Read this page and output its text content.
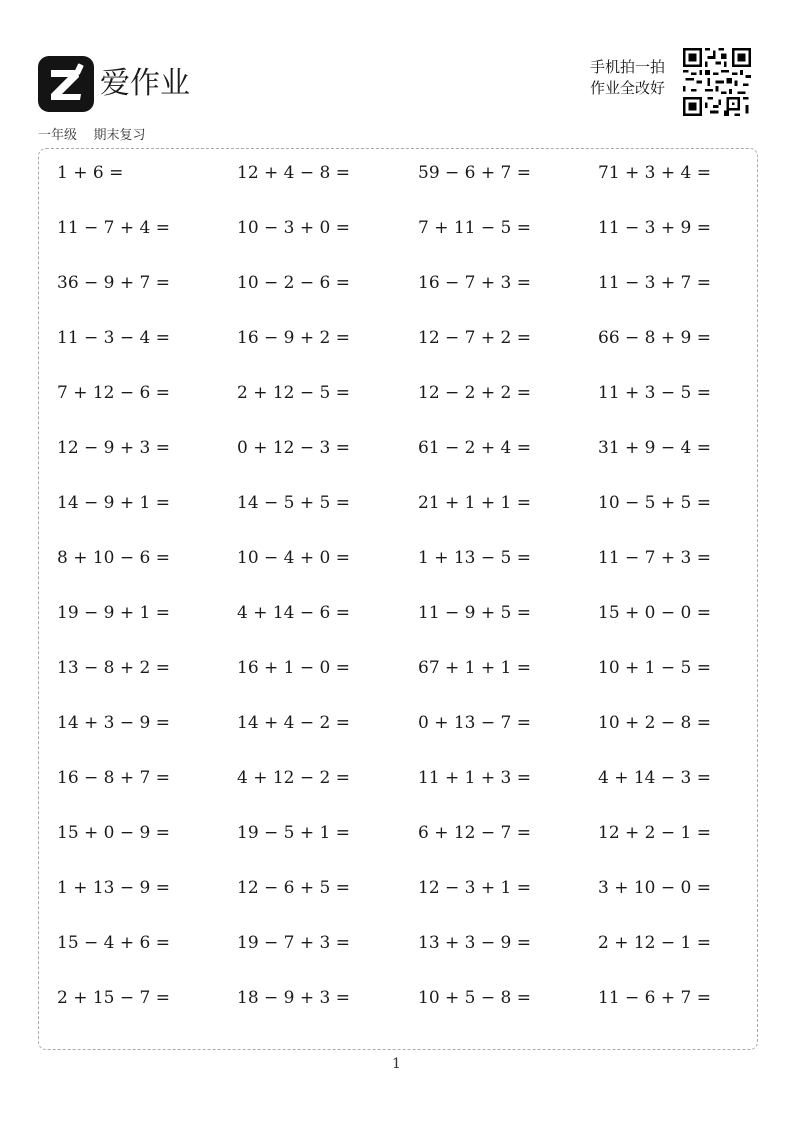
爱作业	手机拍一拍
作业全改好
一年级    期末复习
1 + 6 =	12 + 4 − 8 =	59 − 6 + 7 =	71 + 3 + 4 =
11 − 7 + 4 =	10 − 3 + 0 =	7 + 11 − 5 =	11 − 3 + 9 =
36 − 9 + 7 =	10 − 2 − 6 =	16 − 7 + 3 =	11 − 3 + 7 =
11 − 3 − 4 =	16 − 9 + 2 =	12 − 7 + 2 =	66 − 8 + 9 =
7 + 12 − 6 =	2 + 12 − 5 =	12 − 2 + 2 =	11 + 3 − 5 =
12 − 9 + 3 =	0 + 12 − 3 =	61 − 2 + 4 =	31 + 9 − 4 =
14 − 9 + 1 =	14 − 5 + 5 =	21 + 1 + 1 =	10 − 5 + 5 =
8 + 10 − 6 =	10 − 4 + 0 =	1 + 13 − 5 =	11 − 7 + 3 =
19 − 9 + 1 =	4 + 14 − 6 =	11 − 9 + 5 =	15 + 0 − 0 =
13 − 8 + 2 =	16 + 1 − 0 =	67 + 1 + 1 =	10 + 1 − 5 =
14 + 3 − 9 =	14 + 4 − 2 =	0 + 13 − 7 =	10 + 2 − 8 =
16 − 8 + 7 =	4 + 12 − 2 =	11 + 1 + 3 =	4 + 14 − 3 =
15 + 0 − 9 =	19 − 5 + 1 =	6 + 12 − 7 =	12 + 2 − 1 =
1 + 13 − 9 =	12 − 6 + 5 =	12 − 3 + 1 =	3 + 10 − 0 =
15 − 4 + 6 =	19 − 7 + 3 =	13 + 3 − 9 =	2 + 12 − 1 =
2 + 15 − 7 =	18 − 9 + 3 =	10 + 5 − 8 =	11 − 6 + 7 =
1
